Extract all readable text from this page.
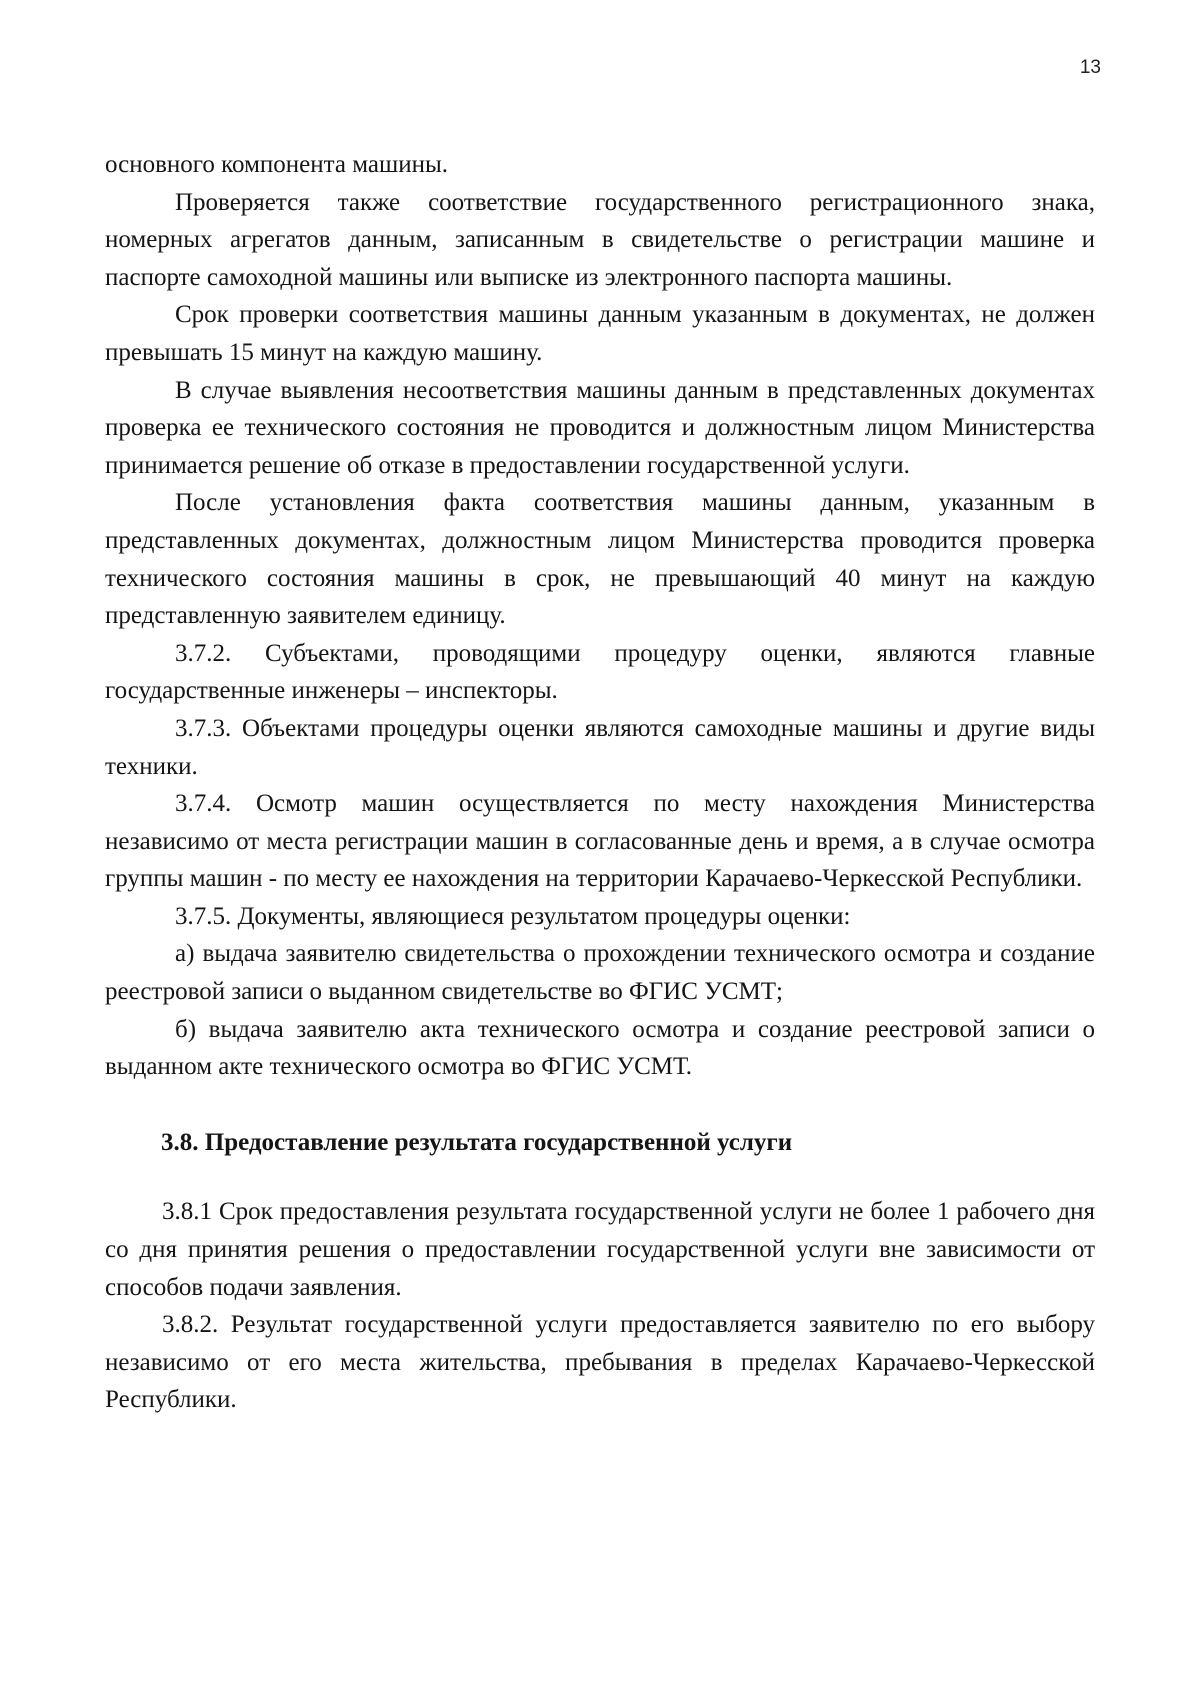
13

основного компонента машины.

Проверяется также соответствие государственного регистрационного знака, номерных агрегатов данным, записанным в свидетельстве о регистрации машине и паспорте самоходной машины или выписке из электронного паспорта машины.

Срок проверки соответствия машины данным указанным в документах, не должен превышать 15 минут на каждую машину.

В случае выявления несоответствия машины данным в представленных документах проверка ее технического состояния не проводится и должностным лицом Министерства принимается решение об отказе в предоставлении государственной услуги.

После установления факта соответствия машины данным, указанным в представленных документах, должностным лицом Министерства проводится проверка технического состояния машины в срок, не превышающий 40 минут на каждую представленную заявителем единицу.

3.7.2. Субъектами, проводящими процедуру оценки, являются главные государственные инженеры – инспекторы.

3.7.3. Объектами процедуры оценки являются самоходные машины и другие виды техники.

3.7.4. Осмотр машин осуществляется по месту нахождения Министерства независимо от места регистрации машин в согласованные день и время, а в случае осмотра группы машин - по месту ее нахождения на территории Карачаево-Черкесской Республики.

3.7.5. Документы, являющиеся результатом процедуры оценки:

а) выдача заявителю свидетельства о прохождении технического осмотра и создание реестровой записи о выданном свидетельстве во ФГИС УСМТ;

б) выдача заявителю акта технического осмотра и создание реестровой записи о выданном акте технического осмотра во ФГИС УСМТ.

3.8. Предоставление результата государственной услуги

3.8.1 Срок предоставления результата государственной услуги не более 1 рабочего дня со дня принятия решения о предоставлении государственной услуги вне зависимости от способов подачи заявления.

3.8.2. Результат государственной услуги предоставляется заявителю по его выбору независимо от его места жительства, пребывания в пределах Карачаево-Черкесской Республики.
